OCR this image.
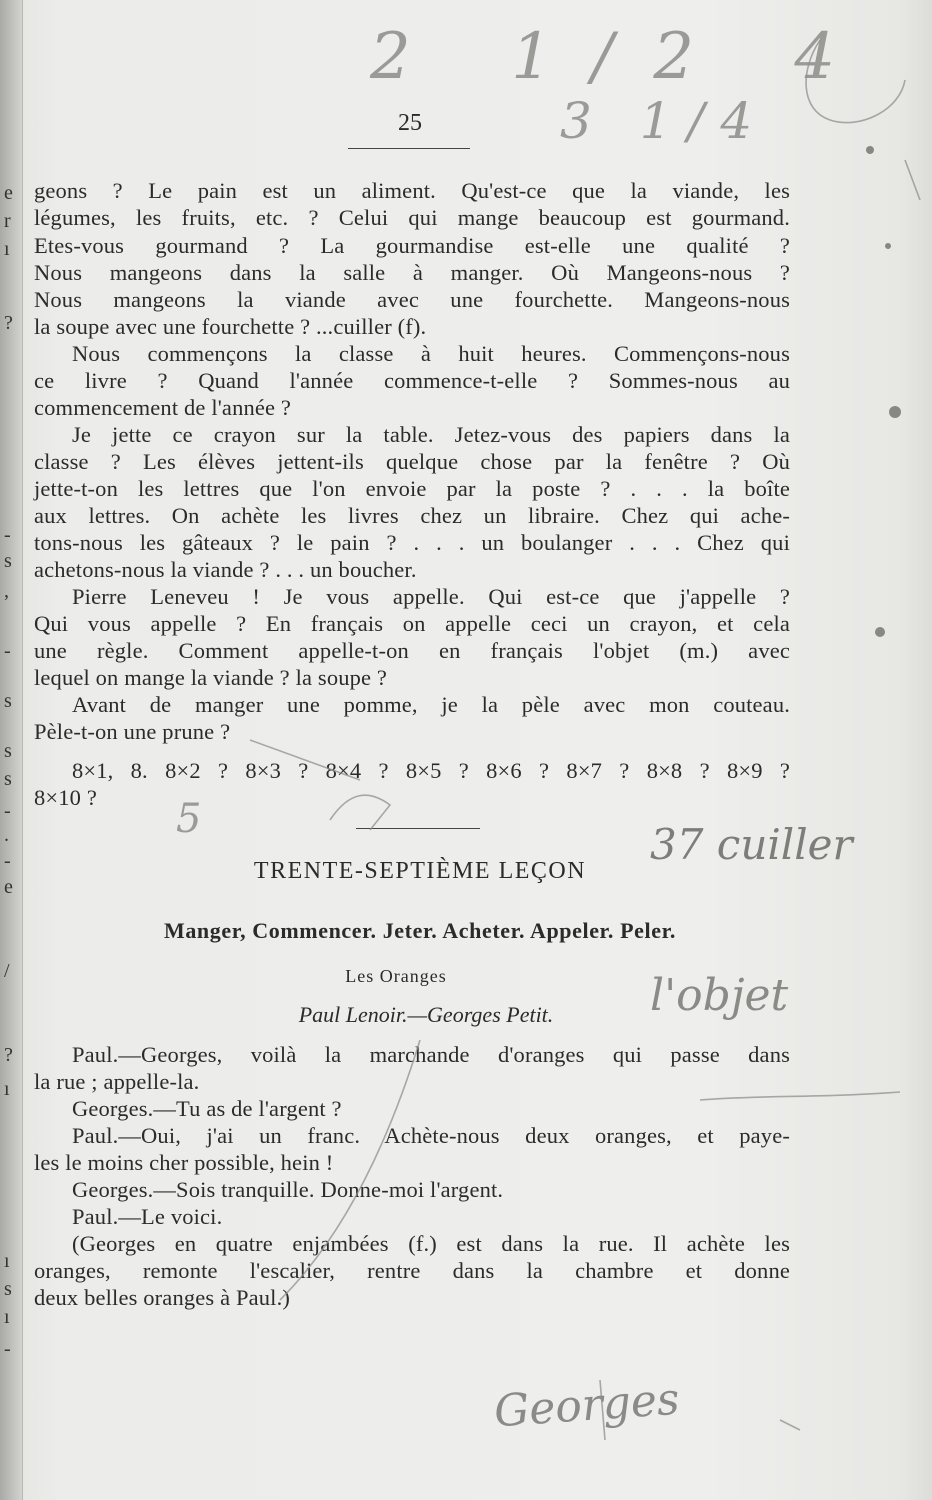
e
r
ı
?
-
s
,
-
s
s
s
-
.
-
e
/
?
ı
ı
s
ı
-
25
geons ? Le pain est un aliment. Qu'est-ce que la viande, les
légumes, les fruits, etc. ? Celui qui mange beaucoup est gourmand.
Etes-vous gourmand ? La gourmandise est-elle une qualité ?
Nous mangeons dans la salle à manger. Où Mangeons-nous ?
Nous mangeons la viande avec une fourchette. Mangeons-nous
la soupe avec une fourchette ? ...cuiller (f).
Nous commençons la classe à huit heures. Commençons-nous
ce livre ? Quand l'année commence-t-elle ? Sommes-nous au
commencement de l'année ?
Je jette ce crayon sur la table. Jetez-vous des papiers dans la
classe ? Les élèves jettent-ils quelque chose par la fenêtre ? Où
jette-t-on les lettres que l'on envoie par la poste ? . . . la boîte
aux lettres. On achète les livres chez un libraire. Chez qui ache-
tons-nous les gâteaux ? le pain ? . . . un boulanger . . . Chez qui
achetons-nous la viande ? . . . un boucher.
Pierre Leneveu ! Je vous appelle. Qui est-ce que j'appelle ?
Qui vous appelle ? En français on appelle ceci un crayon, et cela
une règle. Comment appelle-t-on en français l'objet (m.) avec
lequel on mange la viande ? la soupe ?
Avant de manger une pomme, je la pèle avec mon couteau.
Pèle-t-on une prune ?
8×1, 8. 8×2 ? 8×3 ? 8×4 ? 8×5 ? 8×6 ? 8×7 ? 8×8 ? 8×9 ?
8×10 ?
TRENTE-SEPTIÈME LEÇON
Manger, Commencer. Jeter. Acheter. Appeler. Peler.
Les Oranges
Paul Lenoir.—Georges Petit.
Paul.—Georges, voilà la marchande d'oranges qui passe dans
la rue ; appelle-la.
Georges.—Tu as de l'argent ?
Paul.—Oui, j'ai un franc. Achète-nous deux oranges, et paye-
les le moins cher possible, hein !
Georges.—Sois tranquille. Donne-moi l'argent.
Paul.—Le voici.
(Georges en quatre enjambées (f.) est dans la rue. Il achète les
oranges, remonte l'escalier, rentre dans la chambre et donne
deux belles oranges à Paul.)
2 1/2 4
3 1/4
37 cuiller
l'objet
Georges
5
